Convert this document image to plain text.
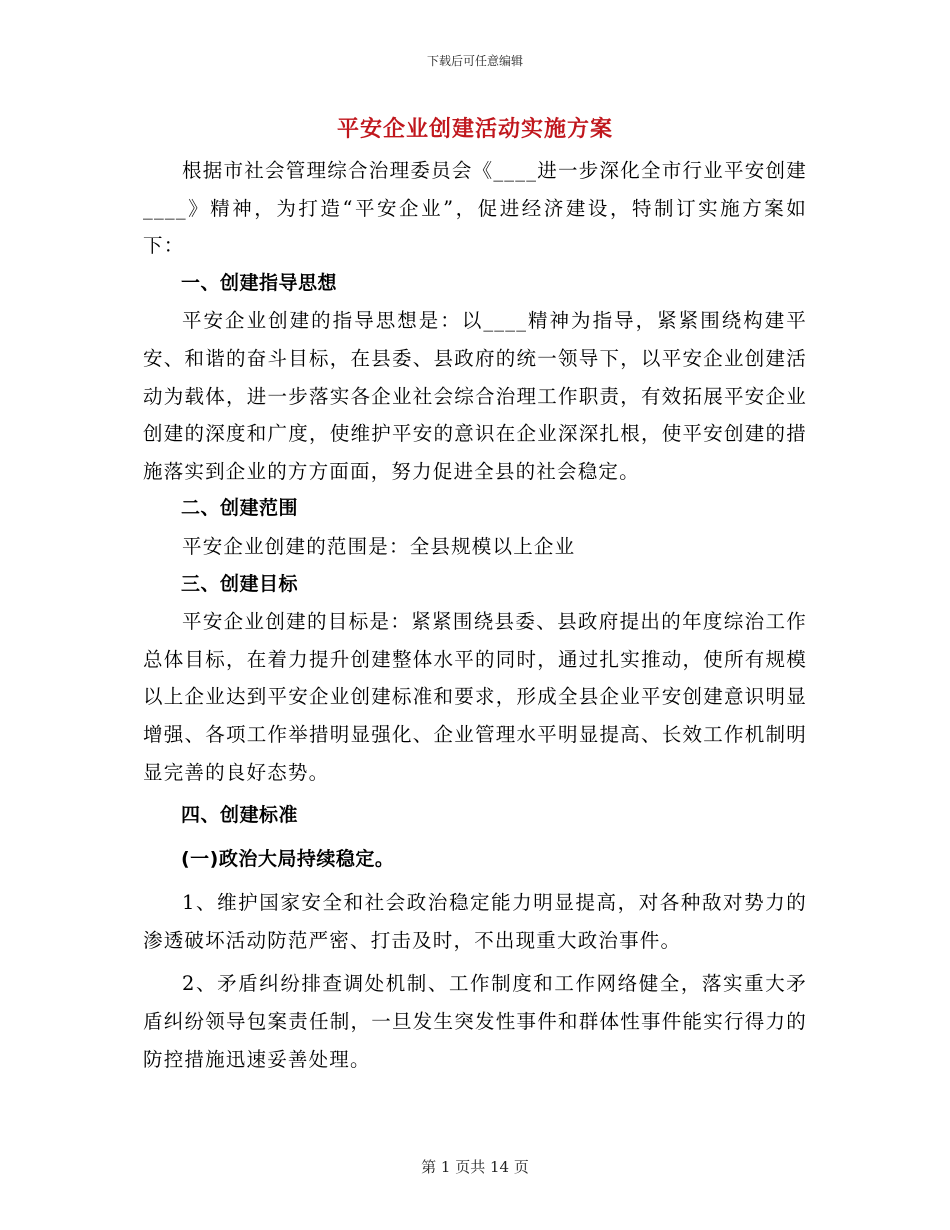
下载后可任意编辑
平安企业创建活动实施方案

根据市社会管理综合治理委员会《____进一步深化全市行业平安创建____》精神，为打造“平安企业”，促进经济建设，特制订实施方案如下：

一、创建指导思想

平安企业创建的指导思想是：以____精神为指导，紧紧围绕构建平安、和谐的奋斗目标，在县委、县政府的统一领导下，以平安企业创建活动为载体，进一步落实各企业社会综合治理工作职责，有效拓展平安企业创建的深度和广度，使维护平安的意识在企业深深扎根，使平安创建的措施落实到企业的方方面面，努力促进全县的社会稳定。

二、创建范围

平安企业创建的范围是：全县规模以上企业

三、创建目标

平安企业创建的目标是：紧紧围绕县委、县政府提出的年度综治工作总体目标，在着力提升创建整体水平的同时，通过扎实推动，使所有规模以上企业达到平安企业创建标准和要求，形成全县企业平安创建意识明显增强、各项工作举措明显强化、企业管理水平明显提高、长效工作机制明显完善的良好态势。

四、创建标准

(一)政治大局持续稳定。

1、维护国家安全和社会政治稳定能力明显提高，对各种敌对势力的渗透破坏活动防范严密、打击及时，不出现重大政治事件。

2、矛盾纠纷排查调处机制、工作制度和工作网络健全，落实重大矛盾纠纷领导包案责任制，一旦发生突发性事件和群体性事件能实行得力的防控措施迅速妥善处理。

第 1 页共 14 页
